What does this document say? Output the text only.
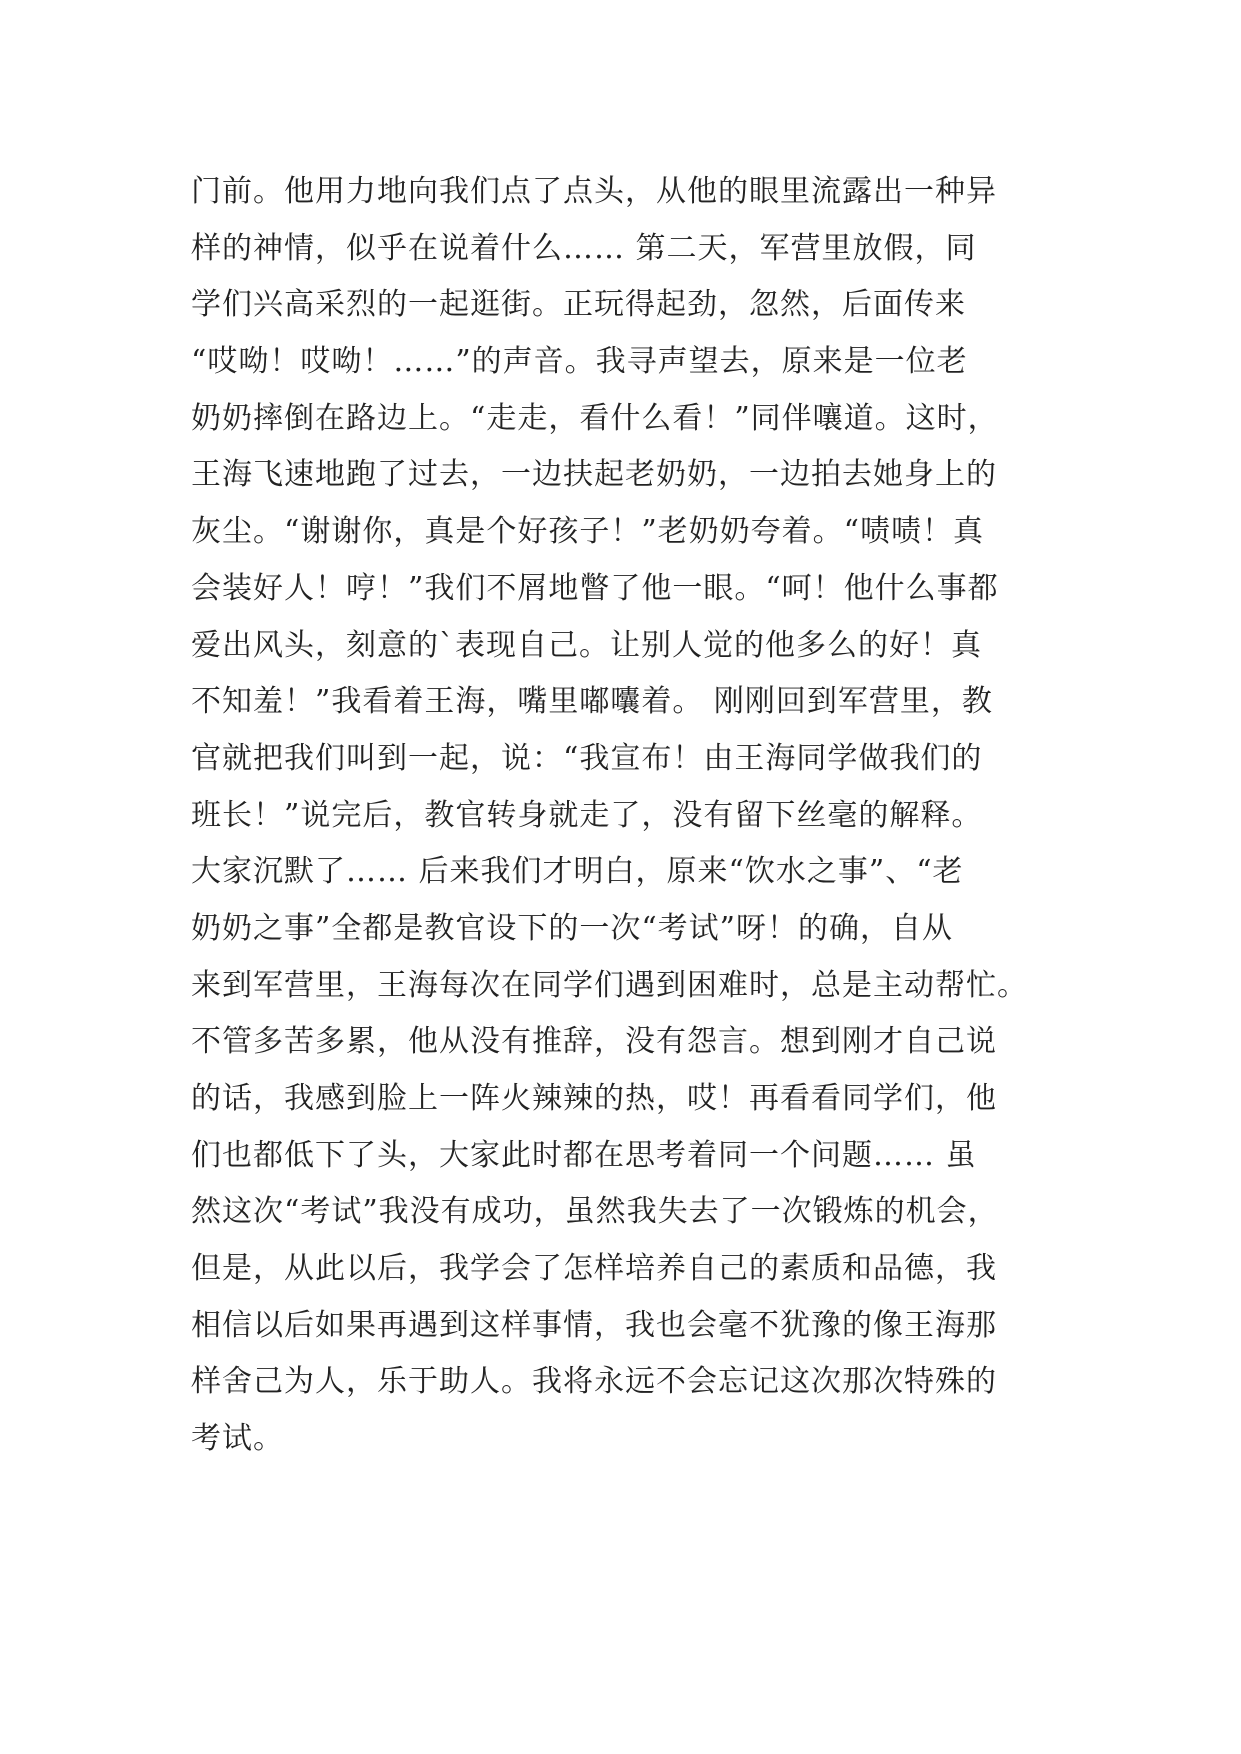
门前。他用力地向我们点了点头，从他的眼里流露出一种异
样的神情，似乎在说着什么…… 第二天，军营里放假，同
学们兴高采烈的一起逛街。正玩得起劲，忽然，后面传来
“哎呦！哎呦！……”的声音。我寻声望去，原来是一位老
奶奶摔倒在路边上。“走走，看什么看！”同伴嚷道。这时，
王海飞速地跑了过去，一边扶起老奶奶，一边拍去她身上的
灰尘。“谢谢你，真是个好孩子！”老奶奶夸着。“啧啧！真
会装好人！哼！”我们不屑地瞥了他一眼。“呵！他什么事都
爱出风头，刻意的`表现自己。让别人觉的他多么的好！真
不知羞！”我看着王海，嘴里嘟囔着。 刚刚回到军营里，教
官就把我们叫到一起，说：“我宣布！由王海同学做我们的
班长！”说完后，教官转身就走了，没有留下丝毫的解释。
大家沉默了…… 后来我们才明白，原来“饮水之事”、“老
奶奶之事”全都是教官设下的一次“考试”呀！的确，自从
来到军营里，王海每次在同学们遇到困难时，总是主动帮忙。
不管多苦多累，他从没有推辞，没有怨言。想到刚才自己说
的话，我感到脸上一阵火辣辣的热，哎！再看看同学们，他
们也都低下了头，大家此时都在思考着同一个问题…… 虽
然这次“考试”我没有成功，虽然我失去了一次锻炼的机会，
但是，从此以后，我学会了怎样培养自己的素质和品德，我
相信以后如果再遇到这样事情，我也会毫不犹豫的像王海那
样舍己为人，乐于助人。我将永远不会忘记这次那次特殊的
考试。
